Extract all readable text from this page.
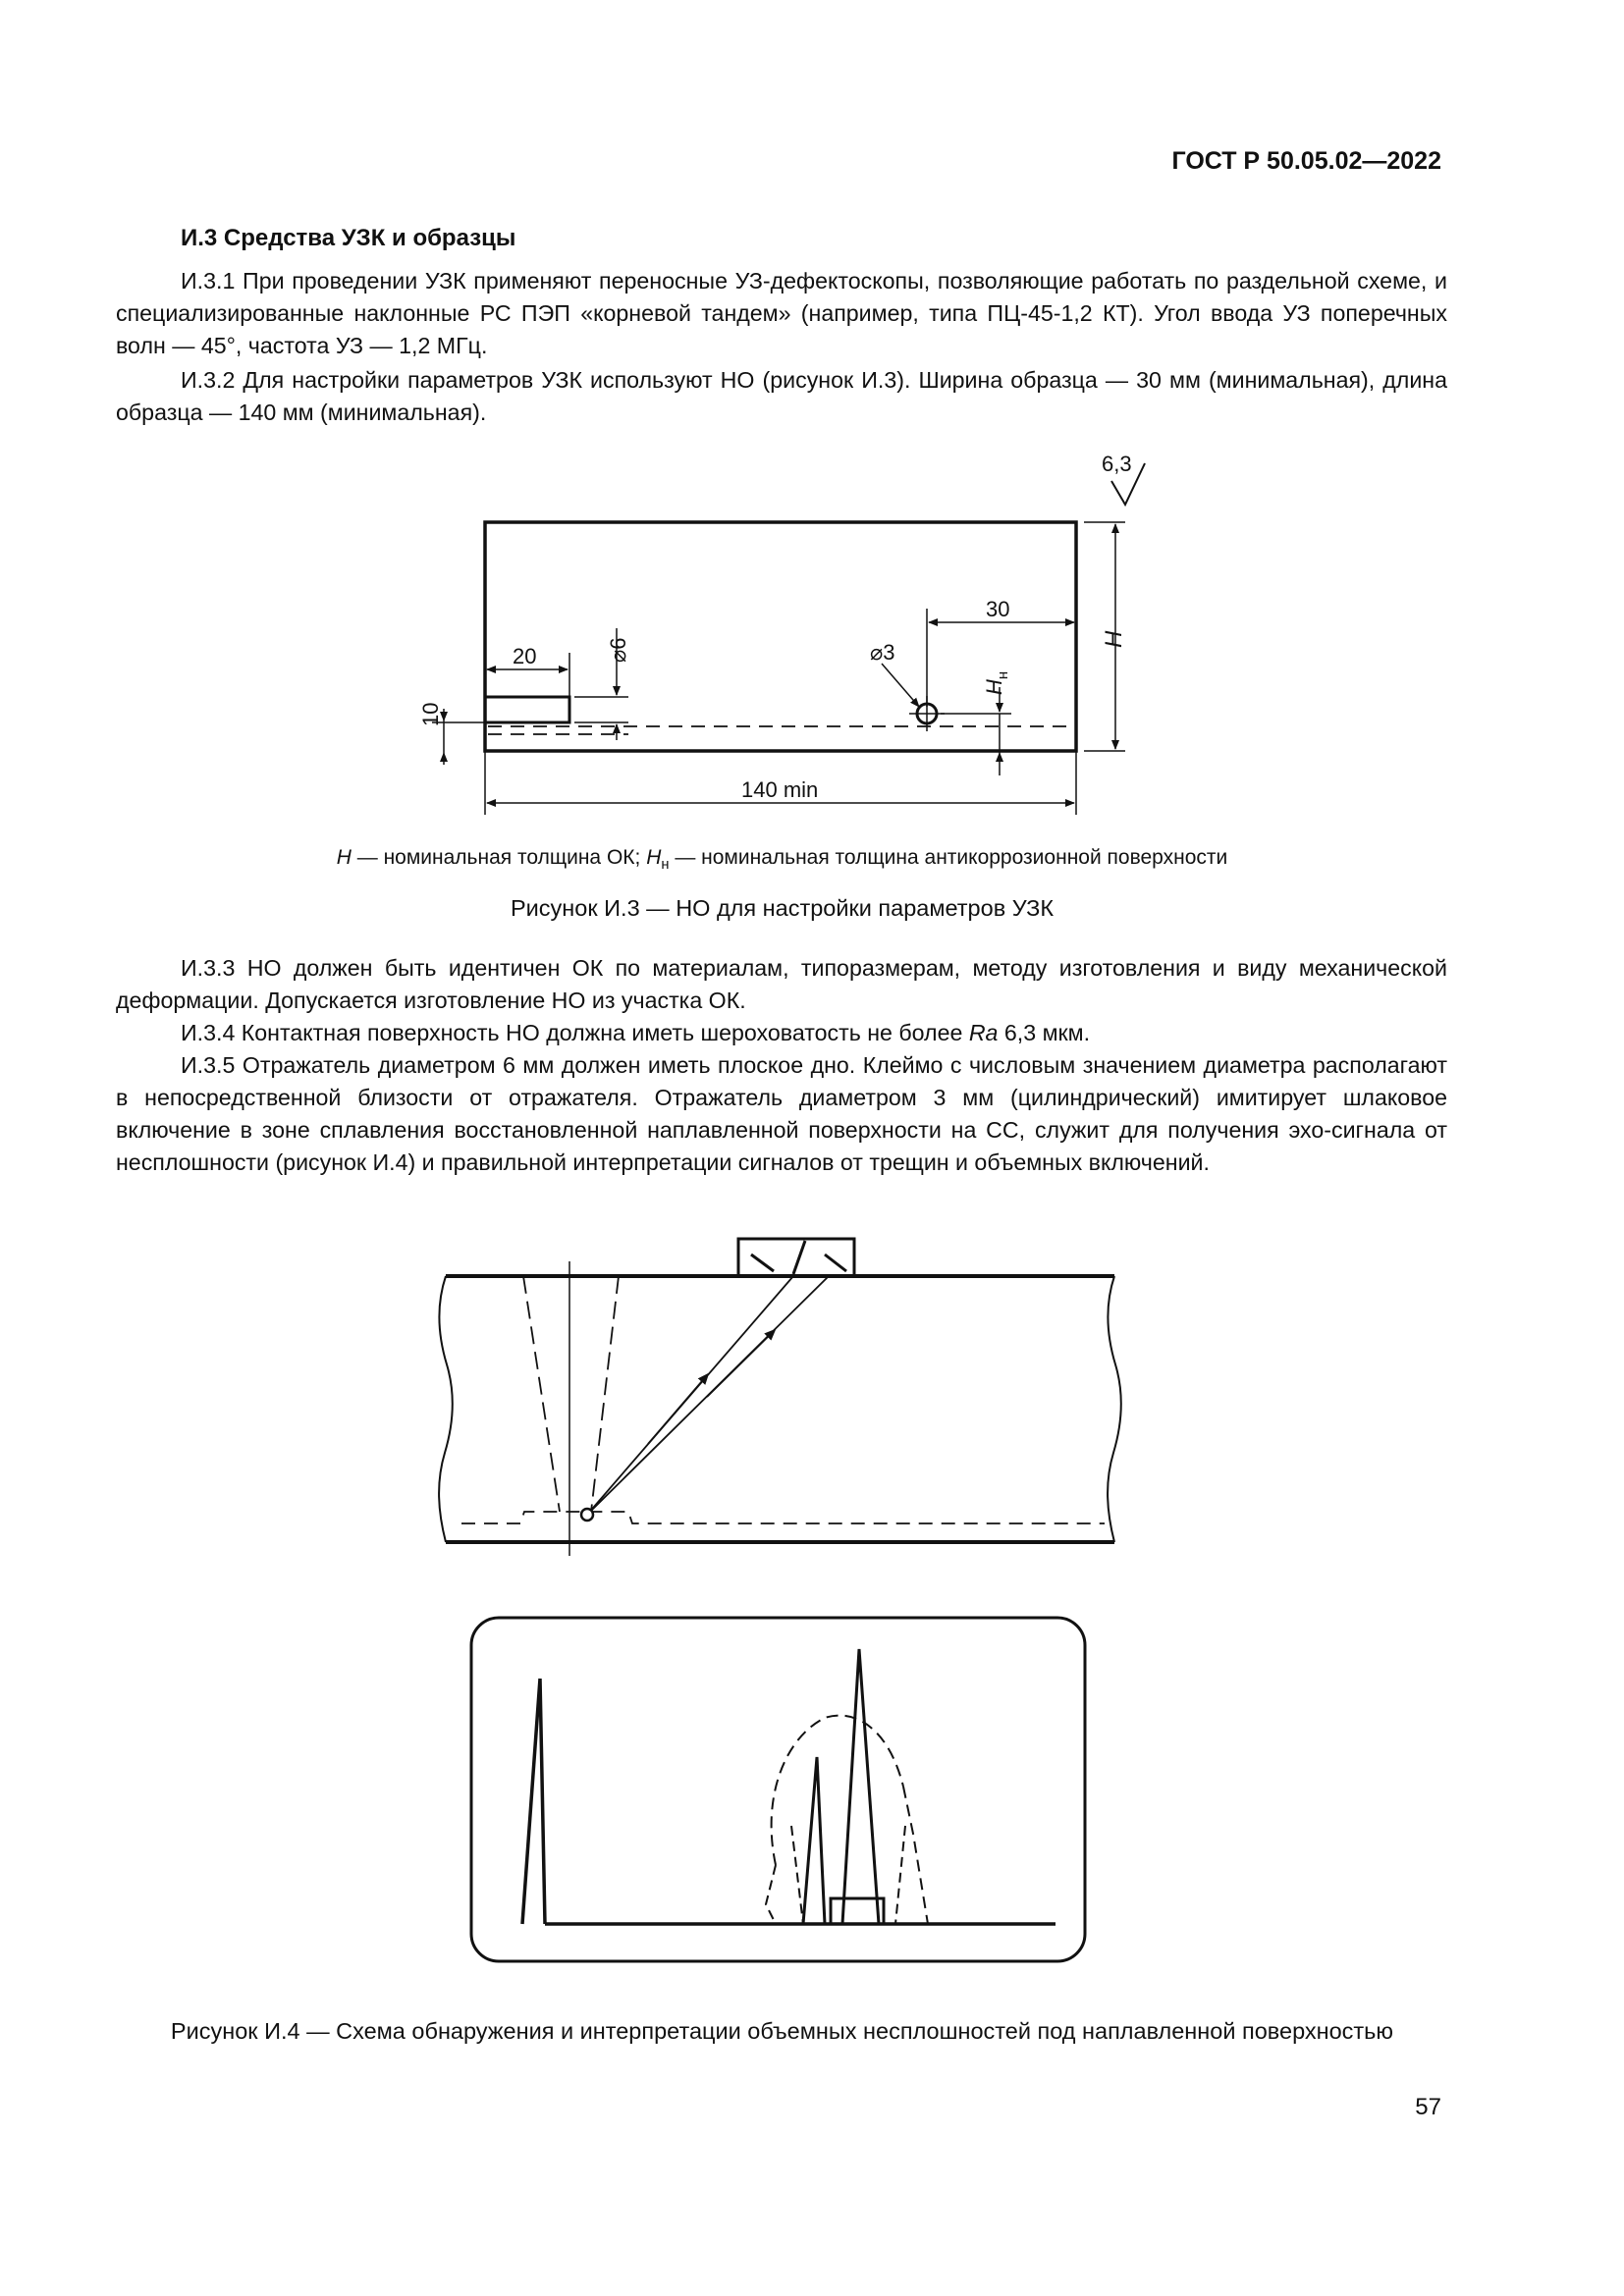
ГОСТ Р 50.05.02—2022
И.3 Средства УЗК и образцы

И.3.1 При проведении УЗК применяют переносные УЗ-дефектоскопы, позволяющие работать по раздельной схеме, и специализированные наклонные РС ПЭП «корневой тандем» (например, типа ПЦ-45-1,2 КТ). Угол ввода УЗ поперечных волн — 45°, частота УЗ — 1,2 МГц.

И.3.2 Для настройки параметров УЗК используют НО (рисунок И.3). Ширина образца — 30 мм (минимальная), длина образца — 140 мм (минимальная).

6,3
30
H
20	⌀6	⌀3
$H_н$
10
140 min
H — номинальная толщина ОК; $H_н$ — номинальная толщина антикоррозионной поверхности
Рисунок И.3 — НО для настройки параметров УЗК

И.3.3 НО должен быть идентичен ОК по материалам, типоразмерам, методу изготовления и виду механической деформации. Допускается изготовление НО из участка ОК.

И.3.4 Контактная поверхность НО должна иметь шероховатость не более Ra 6,3 мкм.

И.3.5 Отражатель диаметром 6 мм должен иметь плоское дно. Клеймо с числовым значением диаметра располагают в непосредственной близости от отражателя. Отражатель диаметром 3 мм (цилиндрический) имитирует шлаковое включение в зоне сплавления восстановленной наплавленной поверхности на СС, служит для получения эхо-сигнала от несплошности (рисунок И.4) и правильной интерпретации сигналов от трещин и объемных включений.

Рисунок И.4 — Схема обнаружения и интерпретации объемных несплошностей под наплавленной поверхностью
57
